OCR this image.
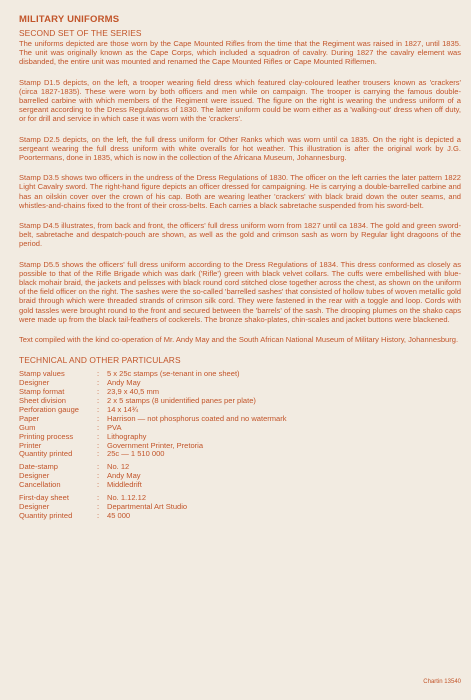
MILITARY UNIFORMS
SECOND SET OF THE SERIES

The uniforms depicted are those worn by the Cape Mounted Rifles from the time that the Regiment was raised in 1827, until 1835. The unit was originally known as the Cape Corps, which included a squadron of cavalry. During 1827 the cavalry element was disbanded, the entire unit was mounted and renamed the Cape Mounted Rifles or Cape Mounted Riflemen.

Stamp D1.5 depicts, on the left, a trooper wearing field dress which featured clay-coloured leather trousers known as 'crackers' (circa 1827-1835). These were worn by both officers and men while on campaign. The trooper is carrying the famous double-barrelled carbine with which members of the Regiment were issued. The figure on the right is wearing the undress uniform of a sergeant according to the Dress Regulations of 1830. The latter uniform could be worn either as a 'walking-out' dress when off duty, or for drill and service in which case it was worn with the 'crackers'.

Stamp D2.5 depicts, on the left, the full dress uniform for Other Ranks which was worn until ca 1835. On the right is depicted a sergeant wearing the full dress uniform with white overalls for hot weather. This illustration is after the original work by J.G. Poortermans, done in 1835, which is now in the collection of the Africana Museum, Johannesburg.

Stamp D3.5 shows two officers in the undress of the Dress Regulations of 1830. The officer on the left carries the later pattern 1822 Light Cavalry sword. The right-hand figure depicts an officer dressed for campaigning. He is carrying a double-barrelled carbine and has an oilskin cover over the crown of his cap. Both are wearing leather 'crackers' with black braid down the outer seams, and whistles-and-chains fixed to the front of their cross-belts. Each carries a black sabretache suspended from his sword-belt.

Stamp D4.5 illustrates, from back and front, the officers' full dress uniform worn from 1827 until ca 1834. The gold and green sword-belt, sabretache and despatch-pouch are shown, as well as the gold and crimson sash as worn by Regular light dragoons of the period.

Stamp D5.5 shows the officers' full dress uniform according to the Dress Regulations of 1834. This dress conformed as closely as possible to that of the Rifle Brigade which was dark ('Rifle') green with black velvet collars. The cuffs were embellished with blue-black mohair braid, the jackets and pelisses with black round cord stitched close together across the chest, as shown on the uniform of the field officer on the right. The sashes were the so-called 'barrelled sashes' that consisted of hollow tubes of woven metallic gold braid through which were threaded strands of crimson silk cord. They were fastened in the rear with a toggle and loop. Cords with gold tassles were brought round to the front and secured between the 'barrels' of the sash. The drooping plumes on the shako caps were made up from the black tail-feathers of cockerels. The bronze shako-plates, chin-scales and jacket buttons were blackened.

Text compiled with the kind co-operation of Mr. Andy May and the South African National Museum of Military History, Johannesburg.

TECHNICAL AND OTHER PARTICULARS
Stamp values	:	5 x 25c stamps (se-tenant in one sheet)
Designer	:	Andy May
Stamp format	:	23,9 x 40,5 mm
Sheet division	:	2 x 5 stamps (8 unidentified panes per plate)
Perforation gauge	:	14 x 14¾
Paper	:	Harrison — not phosphorus coated and no watermark
Gum	:	PVA
Printing process	:	Lithography
Printer	:	Government Printer, Pretoria
Quantity printed	:	25c — 1 510 000

Date-stamp	:	No. 12
Designer	:	Andy May
Cancellation	:	Middledrift

First-day sheet	:	No. 1.12.12
Designer	:	Departmental Art Studio
Quantity printed	:	45 000
Chartin 13540
